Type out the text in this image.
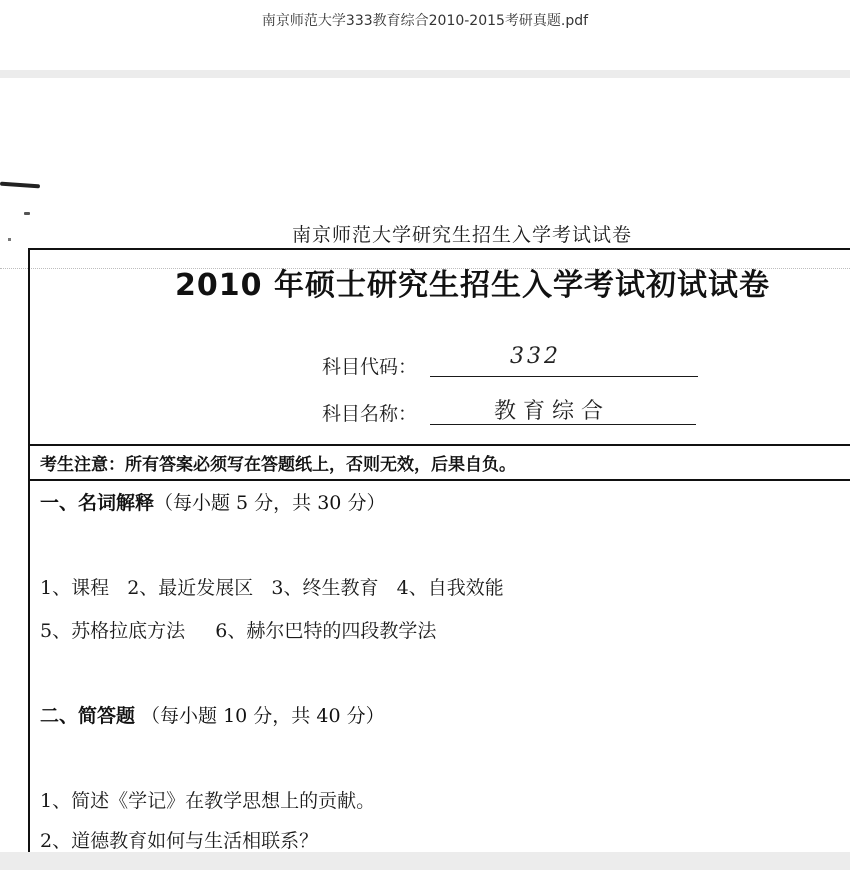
南京师范大学333教育综合2010-2015考研真题.pdf
南京师范大学研究生招生入学考试试卷
2010 年硕士研究生招生入学考试初试试卷
科目代码：	332
科目名称：	教 育 综 合
考生注意：所有答案必须写在答题纸上，否则无效，后果自负。
一、名词解释（每小题 5 分，共 30 分）
1、课程   2、最近发展区   3、终生教育   4、自我效能
5、苏格拉底方法     6、赫尔巴特的四段教学法
二、简答题 （每小题 10 分，共 40 分）
1、简述《学记》在教学思想上的贡献。
2、道德教育如何与生活相联系？
